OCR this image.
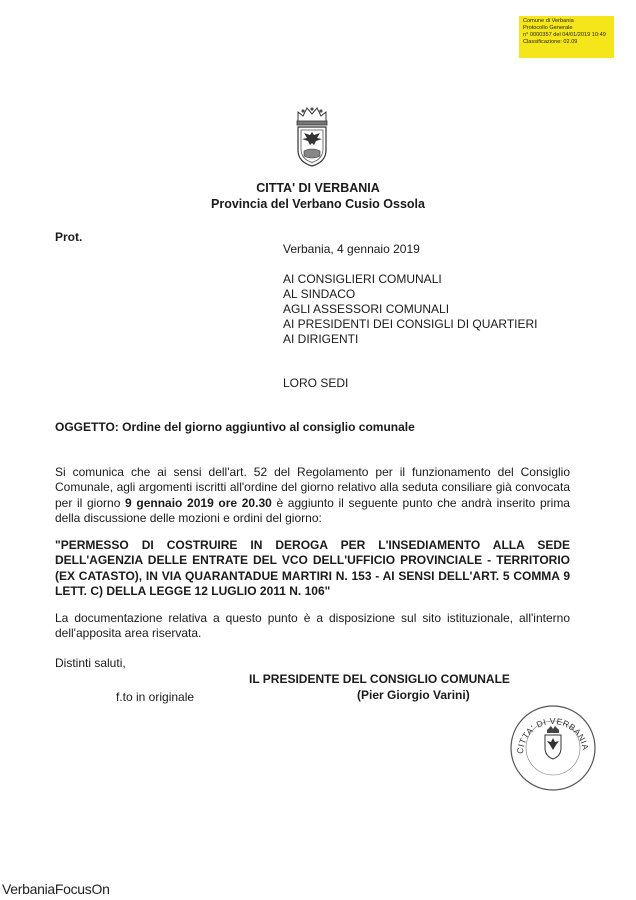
Comune di Verbania
Protocollo Generale
n° 0000357 del 04/01/2019 10:49
Classificazione: 02.09
CITTA' DI VERBANIA
Provincia del Verbano Cusio Ossola
Prot.
Verbania, 4 gennaio 2019
AI CONSIGLIERI COMUNALI
AL SINDACO
AGLI ASSESSORI COMUNALI
AI PRESIDENTI DEI CONSIGLI DI QUARTIERI
AI DIRIGENTI
LORO SEDI
OGGETTO: Ordine del giorno aggiuntivo al consiglio comunale
Si comunica che ai sensi dell'art. 52 del Regolamento per il funzionamento del Consiglio Comunale, agli argomenti iscritti all'ordine del giorno relativo alla seduta consiliare già convocata per il giorno 9 gennaio 2019 ore 20.30 è aggiunto il seguente punto che andrà inserito prima della discussione delle mozioni e ordini del giorno:
"PERMESSO DI COSTRUIRE IN DEROGA PER L'INSEDIAMENTO ALLA SEDE DELL'AGENZIA DELLE ENTRATE DEL VCO DELL'UFFICIO PROVINCIALE - TERRITORIO (EX CATASTO), IN VIA QUARANTADUE MARTIRI N. 153 - AI SENSI DELL'ART. 5 COMMA 9 LETT. C) DELLA LEGGE 12 LUGLIO 2011 N. 106"
La documentazione relativa a questo punto è a disposizione sul sito istituzionale, all'interno dell'apposita area riservata.
Distinti saluti,
IL PRESIDENTE DEL CONSIGLIO COMUNALE
f.to in originale	(Pier Giorgio Varini)
CITTA' DI VERBANIA
VerbaniaFocusOn
